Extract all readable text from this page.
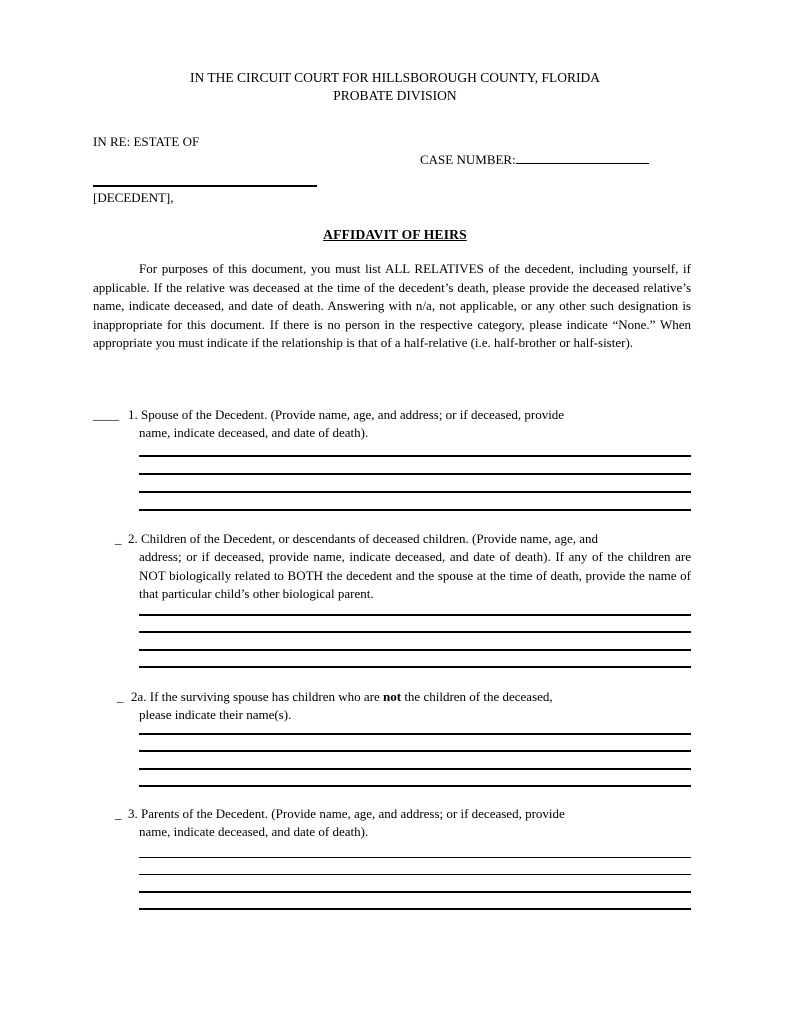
IN THE CIRCUIT COURT FOR HILLSBOROUGH COUNTY, FLORIDA
PROBATE DIVISION
IN RE: ESTATE OF
CASE NUMBER:
[DECEDENT],
AFFIDAVIT OF HEIRS
For purposes of this document, you must list ALL RELATIVES of the decedent, including yourself, if applicable. If the relative was deceased at the time of the decedent’s death, please provide the deceased relative’s name, indicate deceased, and date of death. Answering with n/a, not applicable, or any other such designation is inappropriate for this document. If there is no person in the respective category, please indicate “None.” When appropriate you must indicate if the relationship is that of a half-relative (i.e. half-brother or half-sister).
____ 1. Spouse of the Decedent. (Provide name, age, and address; or if deceased, provide
name, indicate deceased, and date of death).
_ 2. Children of the Decedent, or descendants of deceased children. (Provide name, age, and
address; or if deceased, provide name, indicate deceased, and date of death). If any of the children are NOT biologically related to BOTH the decedent and the spouse at the time of death, provide the name of that particular child’s other biological parent.
_ 2a. If the surviving spouse has children who are not the children of the deceased,
please indicate their name(s).
_ 3. Parents of the Decedent. (Provide name, age, and address; or if deceased, provide
name, indicate deceased, and date of death).
